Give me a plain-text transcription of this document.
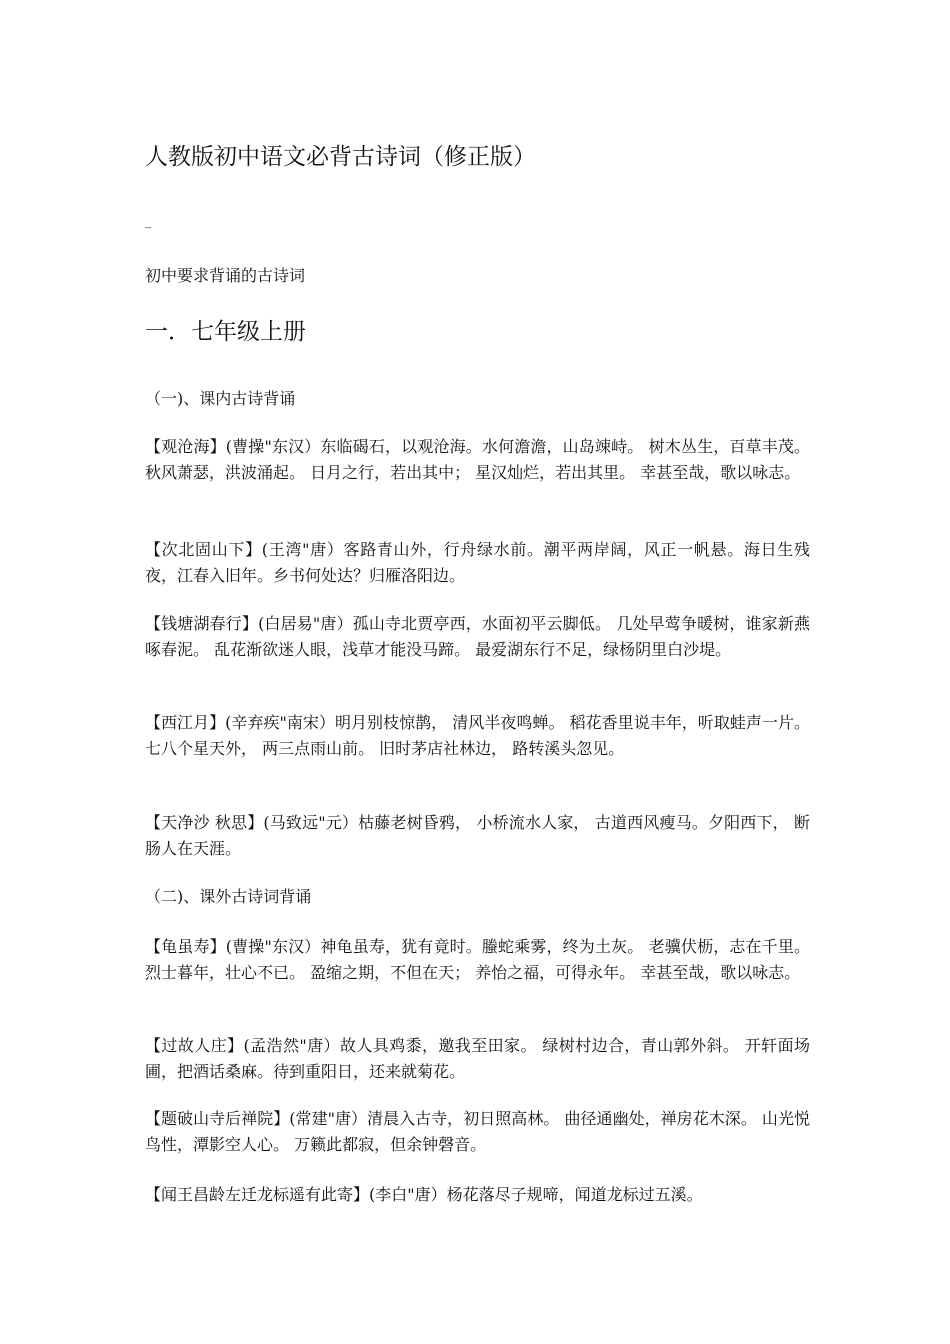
人教版初中语文必背古诗词（修正版）
_
初中要求背诵的古诗词
一．七年级上册
（一)、课内古诗背诵
【观沧海】(曹操"东汉）东临碣石，以观沧海。水何澹澹，山岛竦峙。 树木丛生，百草丰茂。 秋风萧瑟，洪波涌起。 日月之行，若出其中； 星汉灿烂，若出其里。 幸甚至哉，歌以咏志。
【次北固山下】(王湾"唐）客路青山外，行舟绿水前。潮平两岸阔，风正一帆悬。海日生残夜，江春入旧年。乡书何处达？归雁洛阳边。
【钱塘湖春行】(白居易"唐）孤山寺北贾亭西，水面初平云脚低。 几处早莺争暖树，谁家新燕啄春泥。 乱花渐欲迷人眼，浅草才能没马蹄。 最爱湖东行不足，绿杨阴里白沙堤。
【西江月】(辛弃疾"南宋）明月别枝惊鹊， 清风半夜鸣蝉。 稻花香里说丰年，听取蛙声一片。七八个星天外， 两三点雨山前。 旧时茅店社林边， 路转溪头忽见。
【天净沙 秋思】(马致远"元）枯藤老树昏鸦， 小桥流水人家， 古道西风瘦马。夕阳西下， 断肠人在天涯。
（二)、课外古诗词背诵
【龟虽寿】(曹操"东汉）神龟虽寿，犹有竟时。螣蛇乘雾，终为土灰。 老骥伏枥，志在千里。 烈士暮年，壮心不已。 盈缩之期，不但在天； 养怡之福，可得永年。 幸甚至哉，歌以咏志。
【过故人庄】(孟浩然"唐）故人具鸡黍，邀我至田家。 绿树村边合，青山郭外斜。 开轩面场圃，把酒话桑麻。待到重阳日，还来就菊花。
【题破山寺后禅院】(常建"唐）清晨入古寺，初日照高林。 曲径通幽处，禅房花木深。 山光悦鸟性，潭影空人心。 万籁此都寂，但余钟磬音。
【闻王昌龄左迁龙标遥有此寄】(李白"唐）杨花落尽子规啼，闻道龙标过五溪。
